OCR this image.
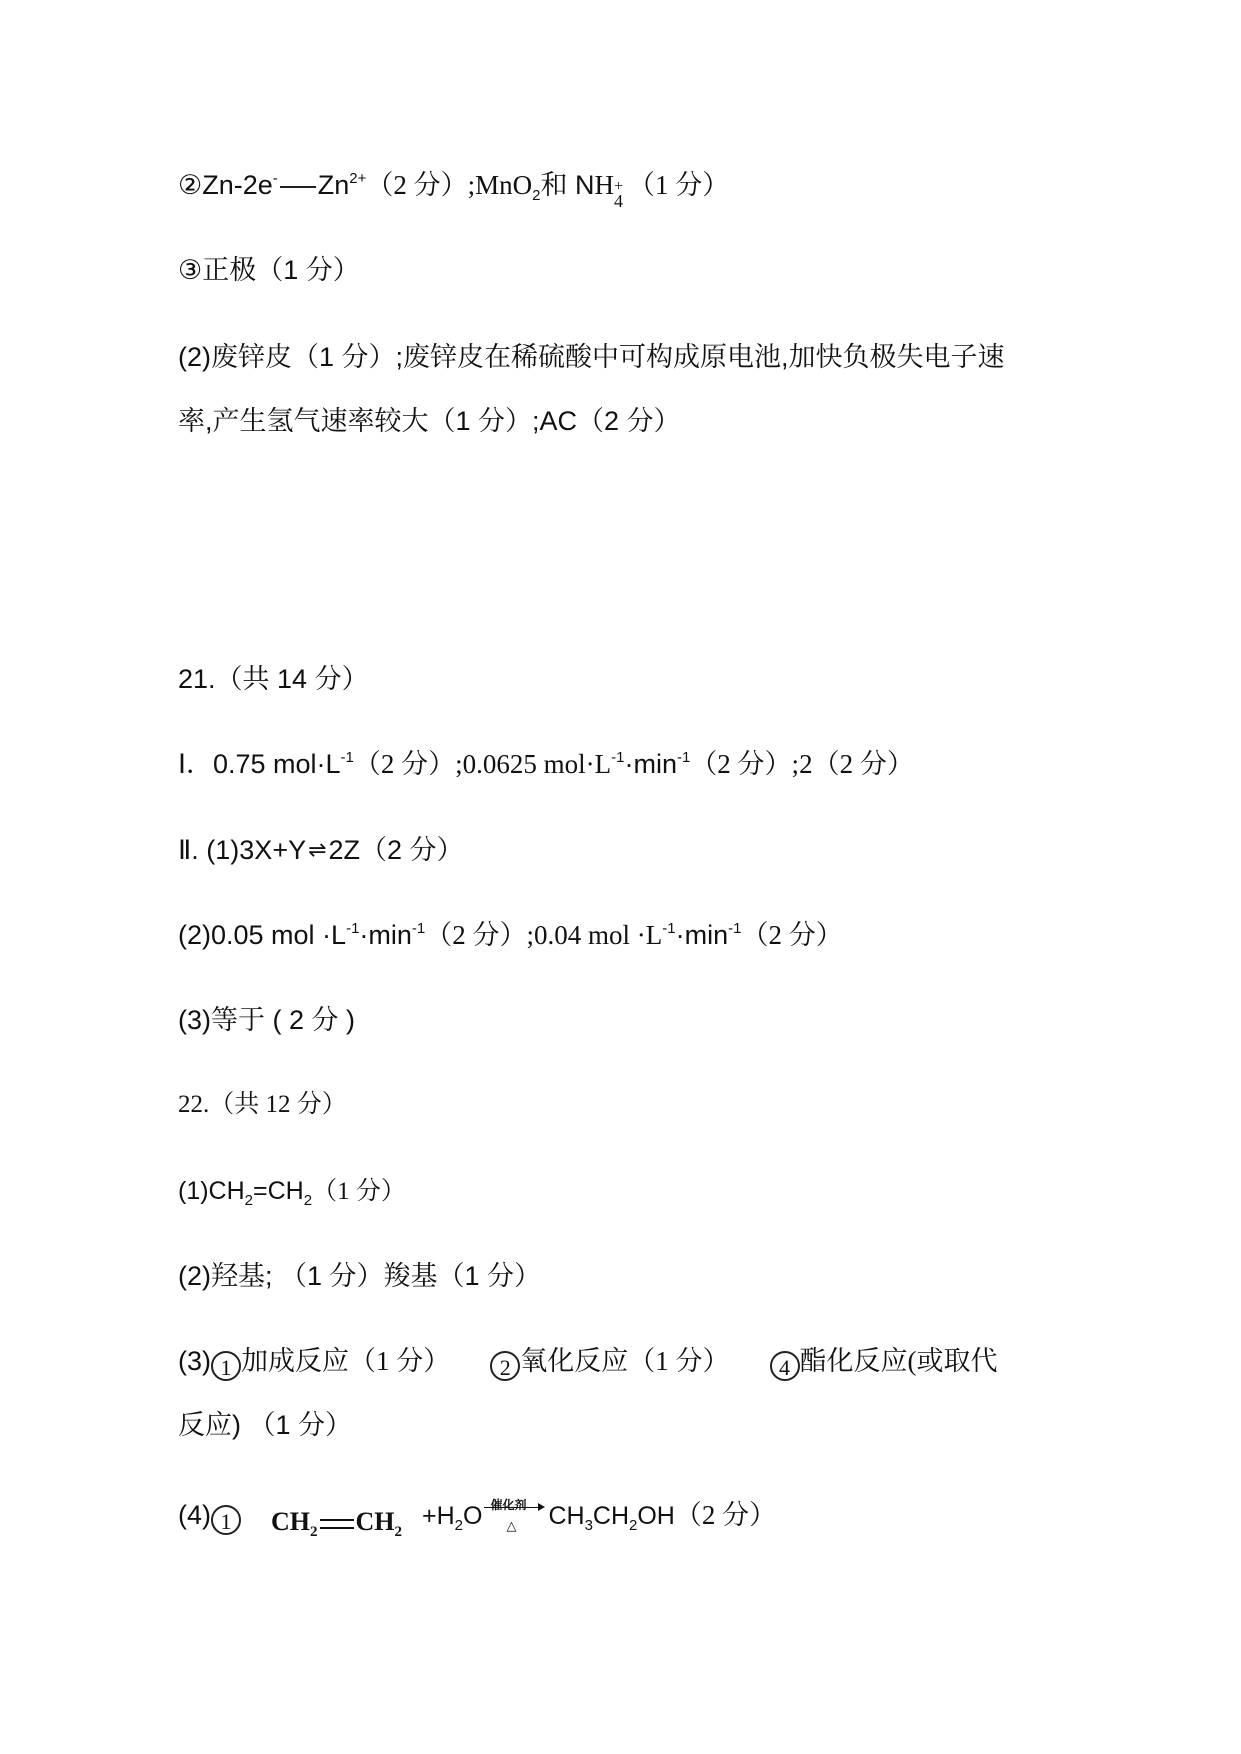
②Zn-2e- $Zn^{2+}(2$ 分）;MnO$_2$和 NH +
4
（1 分）
③正极（1 分）
(2)废锌皮（1 分）;废锌皮在稀硫酸中可构成原电池,加快负极失电子速
率,产生氢气速率较大（1 分）;AC（2 分）
21.（共 14 分）
Ⅰ．0.75 $mol\cdot L^{-1}(2$ 分）;0.0625 $mol\cdot L^{-1}\cdot\min^{-1}(2$ 分）;2（2 分）
Ⅱ. (1)3X+Y⇌2Z（2 分）
(2)0.05 mol $\cdot L^{-1}\cdot\min^{-1}(2$ 分）;0.04 mol $\cdot L^{-1}\cdot\min^{-1}(2$ 分）
(3)等于 ( 2 分 )
22.（共 12 分）
$(1)CH_2=CH_2(1$ 分）
(2)羟基; （1 分）羧基（1 分）
(3) 1 加成反应（1 分） 2 氧化反应（1 分） 4 酯化反应(或取代
反应) （1 分）
(4) 1 $CH_2$ $CH_2+H_2O$ 催化剂
△ $CH_3CH_2OH(2$ 分）
